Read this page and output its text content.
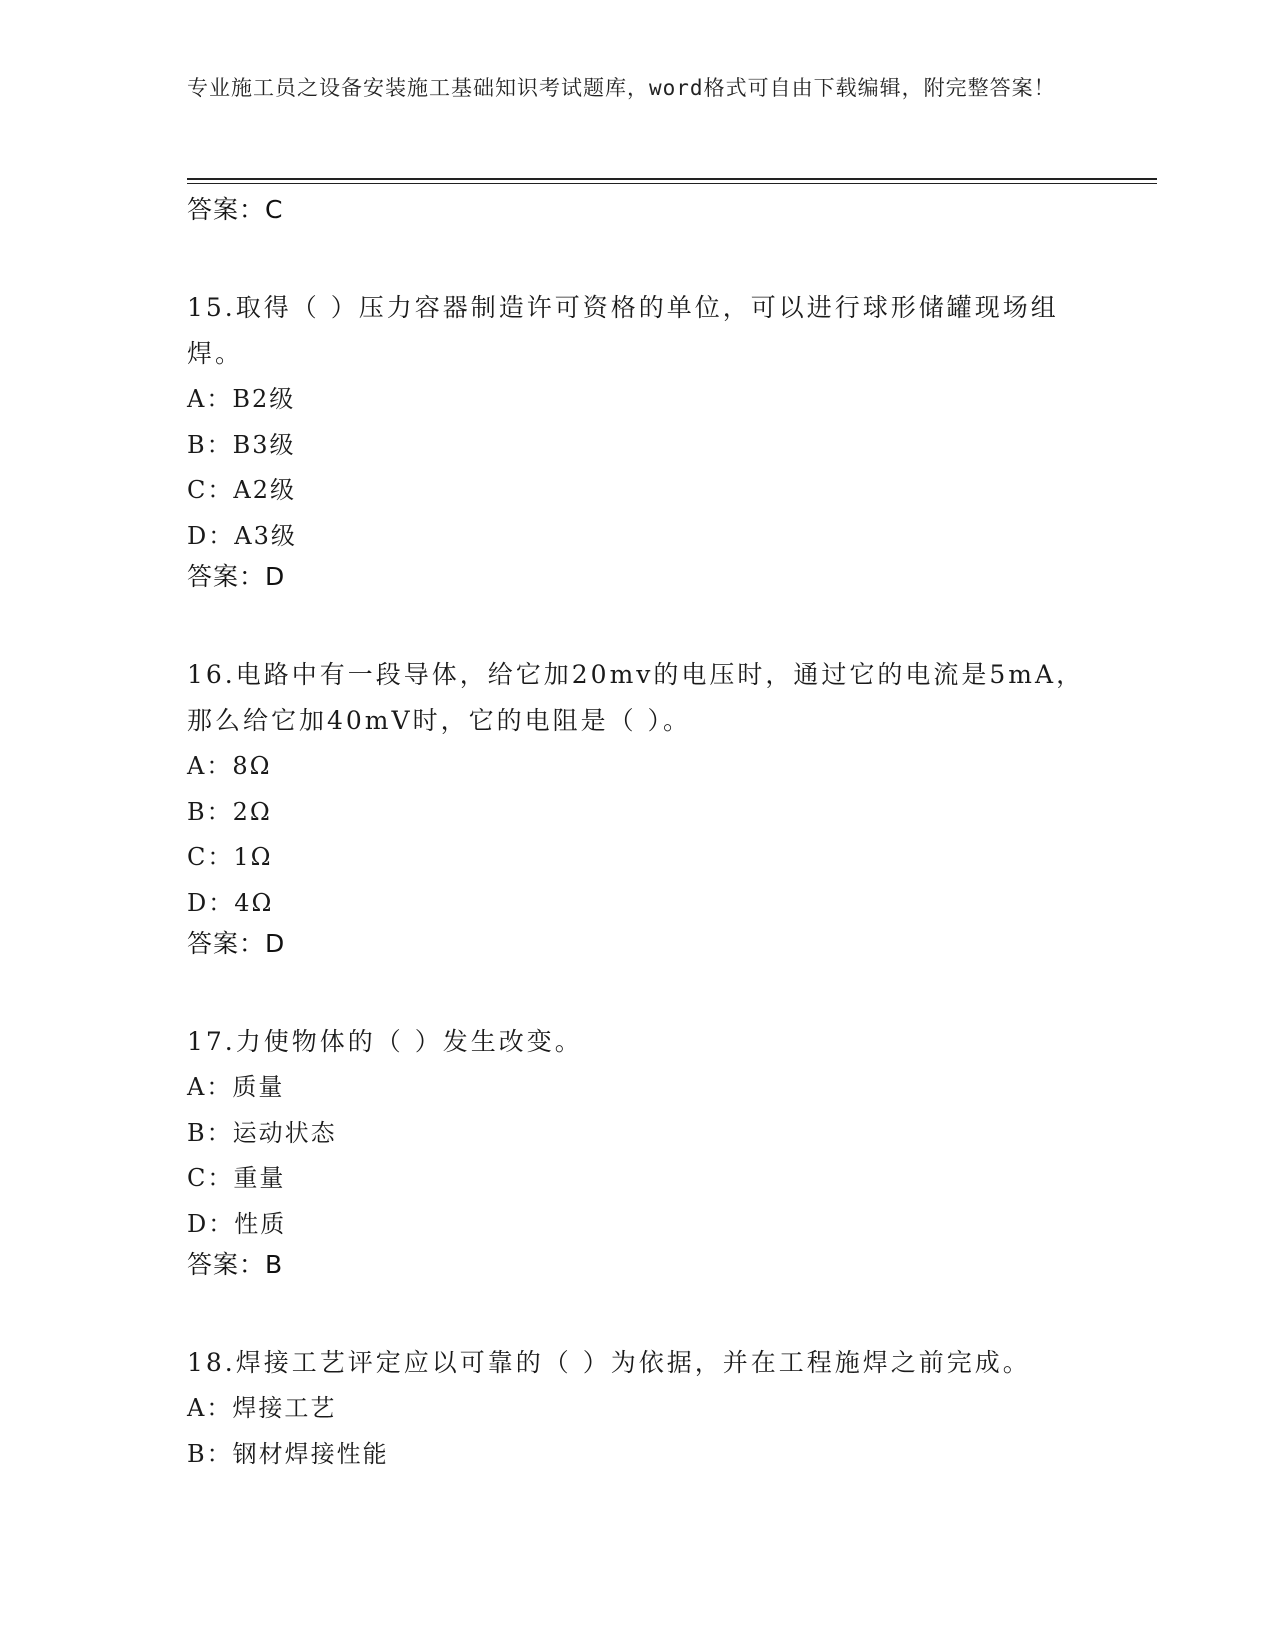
专业施工员之设备安装施工基础知识考试题库，word格式可自由下载编辑，附完整答案！
答案：C
15.取得（ ）压力容器制造许可资格的单位，可以进行球形储罐现场组焊。
A：B2级
B：B3级
C：A2级
D：A3级
答案：D
16.电路中有一段导体，给它加20mv的电压时，通过它的电流是5mA，那么给它加40mV时，它的电阻是（ ）。
A：8Ω
B：2Ω
C：1Ω
D：4Ω
答案：D
17.力使物体的（ ）发生改变。
A：质量
B：运动状态
C：重量
D：性质
答案：B
18.焊接工艺评定应以可靠的（ ）为依据，并在工程施焊之前完成。
A：焊接工艺
B：钢材焊接性能
